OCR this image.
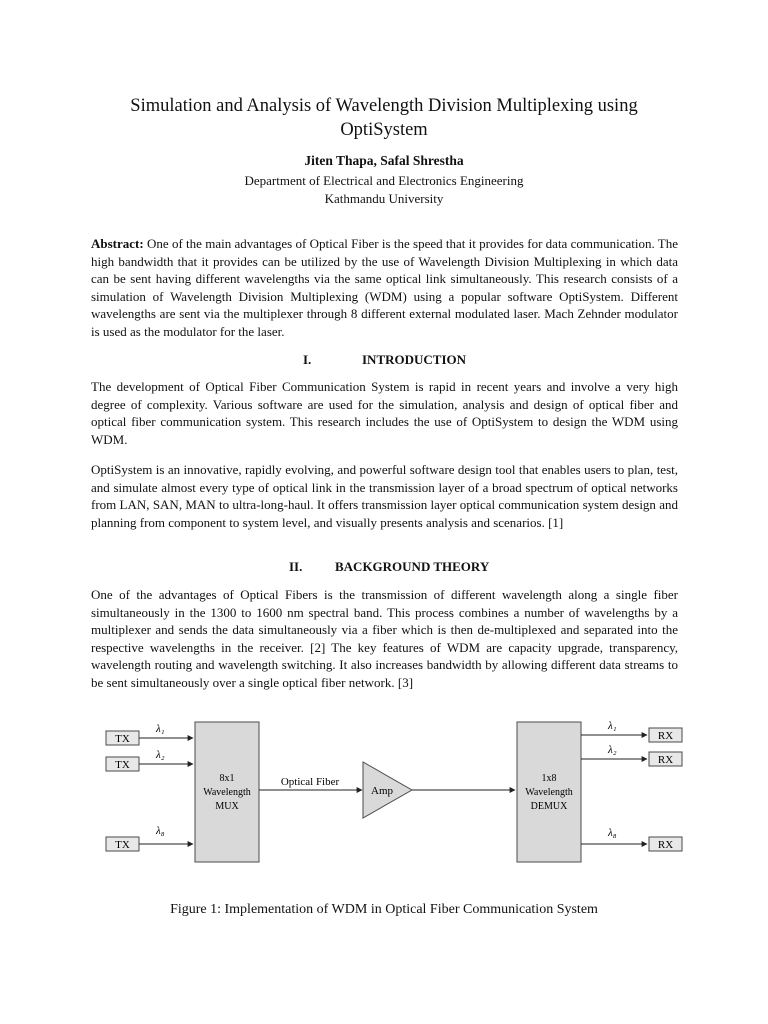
Simulation and Analysis of Wavelength Division Multiplexing using
OptiSystem
Jiten Thapa, Safal Shrestha
Department of Electrical and Electronics Engineering
Kathmandu University

Abstract: One of the main advantages of Optical Fiber is the speed that it provides for data communication. The high bandwidth that it provides can be utilized by the use of Wavelength Division Multiplexing in which data can be sent having different wavelengths via the same optical link simultaneously. This research consists of a simulation of Wavelength Division Multiplexing (WDM) using a popular software OptiSystem. Different wavelengths are sent via the multiplexer through 8 different external modulated laser. Mach Zehnder modulator is used as the modulator for the laser.

I.	INTRODUCTION

The development of Optical Fiber Communication System is rapid in recent years and involve a very high degree of complexity. Various software are used for the simulation, analysis and design of optical fiber and optical fiber communication system. This research includes the use of OptiSystem to design the WDM using WDM.

OptiSystem is an innovative, rapidly evolving, and powerful software design tool that enables users to plan, test, and simulate almost every type of optical link in the transmission layer of a broad spectrum of optical networks from LAN, SAN, MAN to ultra-long-haul. It offers transmission layer optical communication system design and planning from component to system level, and visually presents analysis and scenarios. [1]

II.	BACKGROUND THEORY

One of the advantages of Optical Fibers is the transmission of different wavelength along a single fiber simultaneously in the 1300 to 1600 nm spectral band. This process combines a number of wavelengths by a multiplexer and sends the data simultaneously via a fiber which is then de-multiplexed and separated into the respective wavelengths in the receiver. [2] The key features of WDM are capacity upgrade, transparency, wavelength routing and wavelength switching. It also increases bandwidth by allowing different data streams to be sent simultaneously over a single optical fiber network. [3]

TX
TX
TX
λ₁
λ₂
λ₈
8x1
Wavelength
MUX
Optical Fiber
Amp
1x8
Wavelength
DEMUX
λ₁
λ₂
λ₈
RX
RX
RX
Figure 1: Implementation of WDM in Optical Fiber Communication System
